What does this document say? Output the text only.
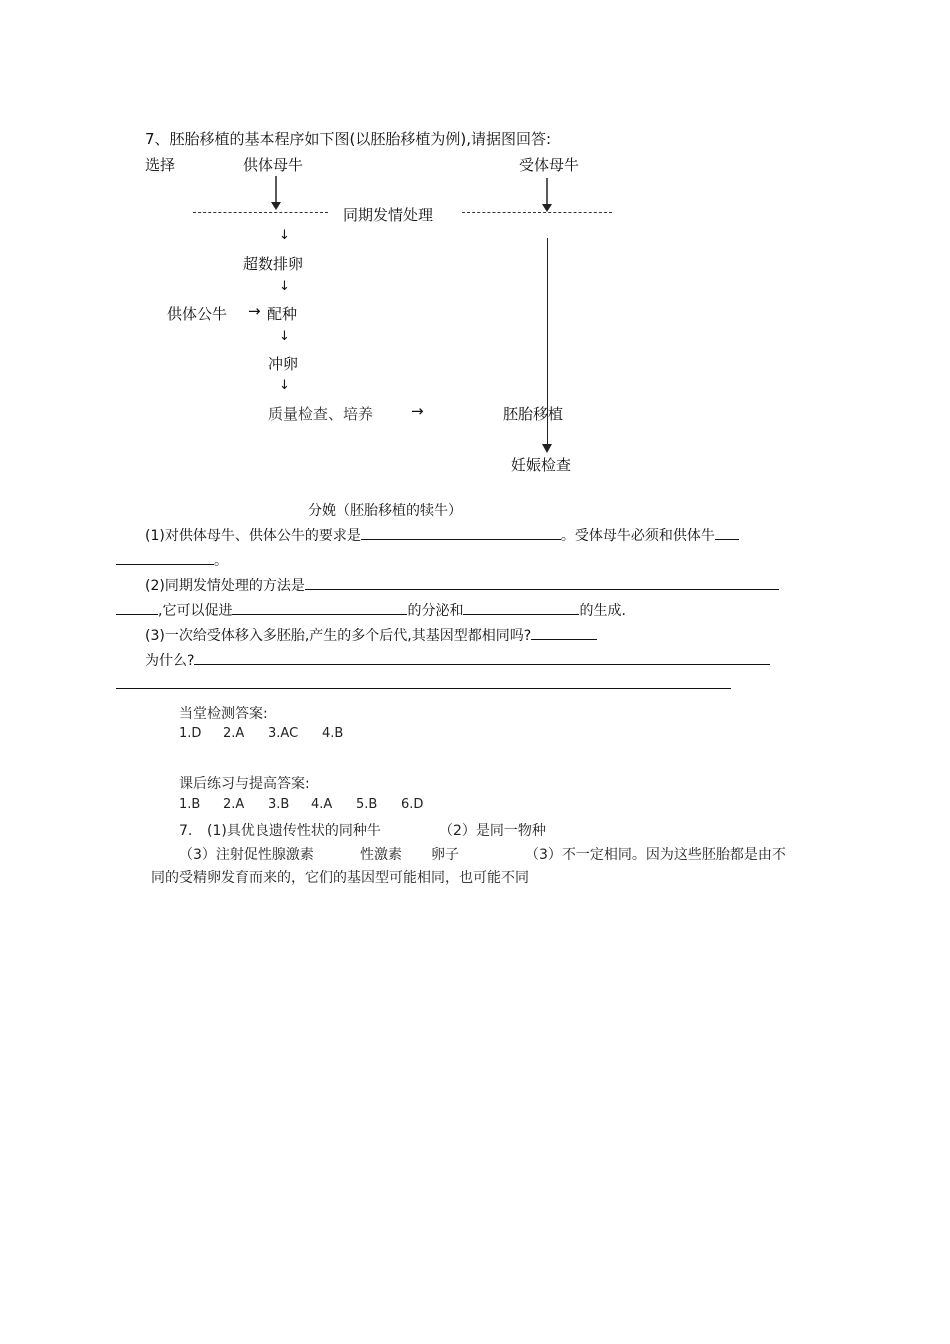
7、胚胎移植的基本程序如下图(以胚胎移植为例),请据图回答:
选择	供体母牛	受体母牛
同期发情处理
↓
超数排卵
↓
供体公牛 → 配种
↓
冲卵
↓
质量检查、培养	→	胚胎移植
妊娠检查
分娩（胚胎移植的犊牛）
(1)对供体母牛、供体公牛的要求是	。受体母牛必须和供体牛
。
(2)同期发情处理的方法是
,它可以促进	的分泌和	的生成.
(3)一次给受体移入多胚胎,产生的多个后代,其基因型都相同吗?
为什么?
当堂检测答案:
1.D 2.A 3.AC 4.B
课后练习与提高答案:
1.B 2.A 3.B 4.A 5.B 6.D
7. (1)具优良遗传性状的同种牛	（2）是同一物种
（3）注射促性腺激素	性激素 卵子	（3）不一定相同。因为这些胚胎都是由不
同的受精卵发育而来的，它们的基因型可能相同，也可能不同
